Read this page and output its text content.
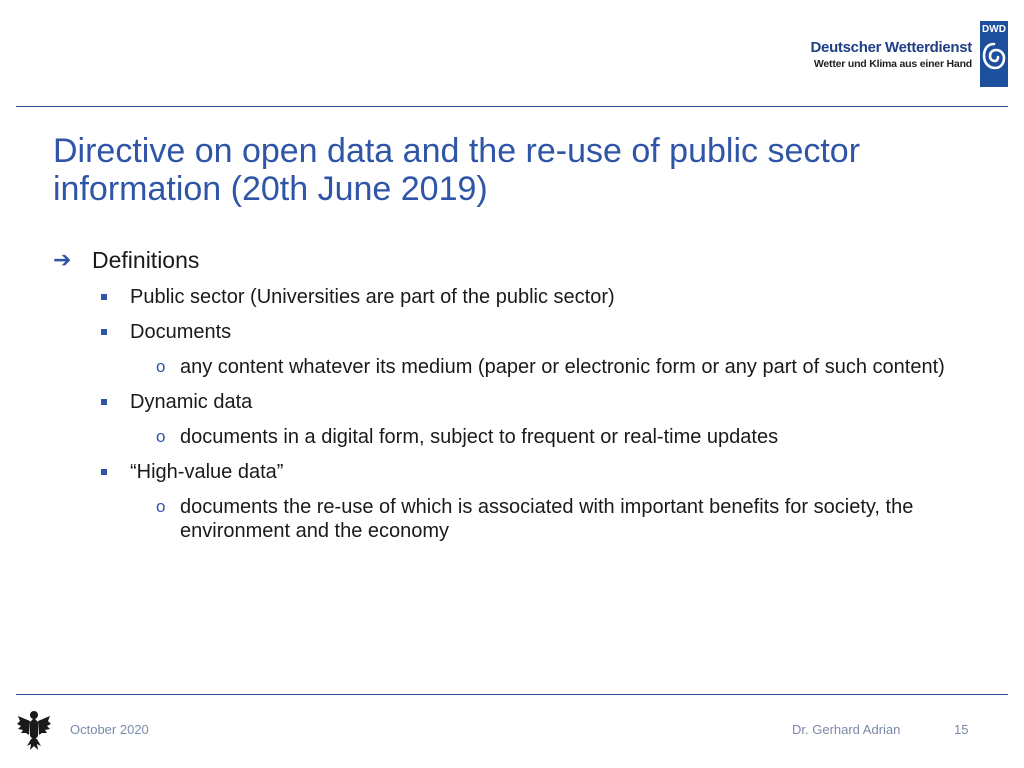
Deutscher Wetterdienst
Wetter und Klima aus einer Hand
DWD
Directive on open data and the re-use of public sector information (20th June 2019)
➔ Definitions
Public sector (Universities are part of the public sector)
Documents
o any content whatever its medium (paper or electronic form or any part of such content)
Dynamic data
o documents in a digital form, subject to frequent or real-time updates
“High-value data”
o documents the re-use of which is associated with important benefits for society, the environment and the economy
October 2020	Dr. Gerhard Adrian	15
